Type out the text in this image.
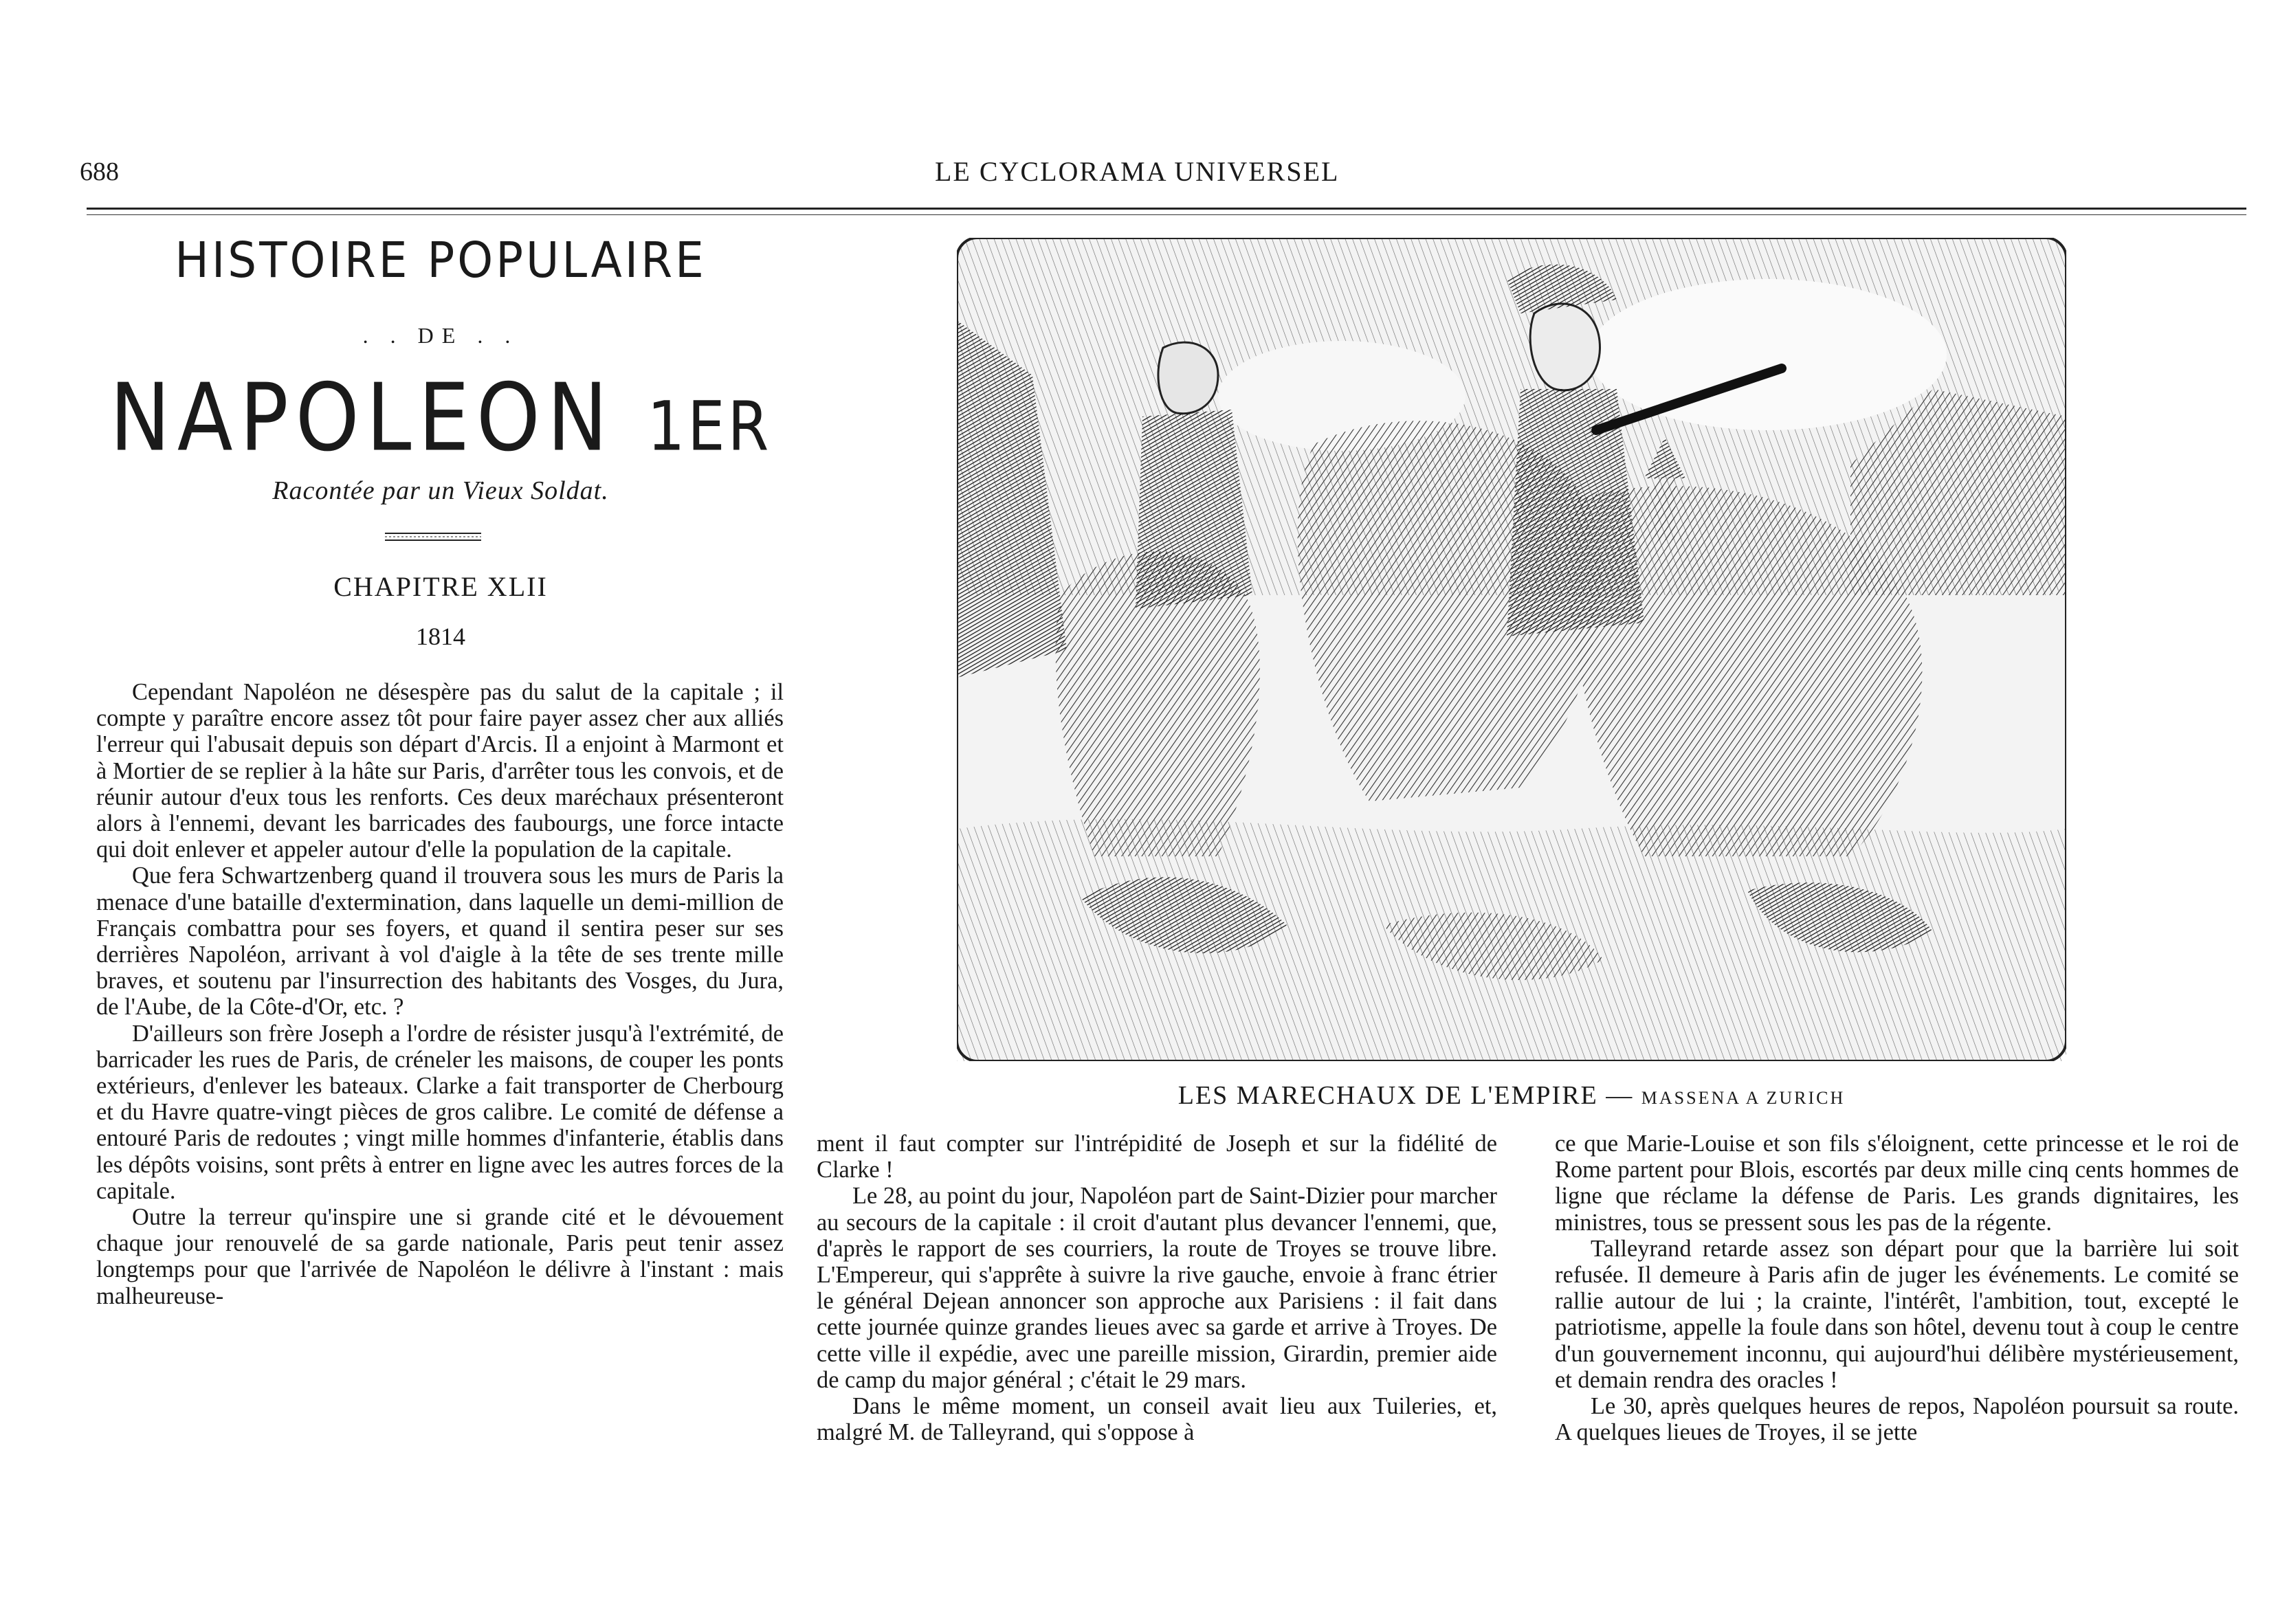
688	LE CYCLORAMA UNIVERSEL
HISTOIRE POPULAIRE
. . DE . .
NAPOLEON 1ER
Racontée par un Vieux Soldat.
CHAPITRE XLII
1814

Cependant Napoléon ne désespère pas du salut de la capitale ; il compte y paraître encore assez tôt pour faire payer assez cher aux alliés l'erreur qui l'abusait depuis son départ d'Arcis. Il a enjoint à Marmont et à Mortier de se replier à la hâte sur Paris, d'arrêter tous les convois, et de réunir autour d'eux tous les renforts. Ces deux maréchaux présenteront alors à l'ennemi, devant les barricades des faubourgs, une force intacte qui doit enlever et appeler autour d'elle la population de la capitale.

Que fera Schwartzenberg quand il trouvera sous les murs de Paris la menace d'une bataille d'extermination, dans laquelle un demi-million de Français combattra pour ses foyers, et quand il sentira peser sur ses derrières Napoléon, arrivant à vol d'aigle à la tête de ses trente mille braves, et soutenu par l'insurrection des habitants des Vosges, du Jura, de l'Aube, de la Côte-d'Or, etc. ?

D'ailleurs son frère Joseph a l'ordre de résister jusqu'à l'extrémité, de barricader les rues de Paris, de créneler les maisons, de couper les ponts extérieurs, d'enlever les bateaux. Clarke a fait transporter de Cherbourg et du Havre quatre-vingt pièces de gros calibre. Le comité de défense a entouré Paris de redoutes ; vingt mille hommes d'infanterie, établis dans les dépôts voisins, sont prêts à entrer en ligne avec les autres forces de la capitale.

Outre la terreur qu'inspire une si grande cité et le dévouement chaque jour renouvelé de sa garde nationale, Paris peut tenir assez longtemps pour que l'arrivée de Napoléon le délivre à l'instant : mais malheureuse-

LES MARECHAUX DE L'EMPIRE — MASSENA A ZURICH

ment il faut compter sur l'intrépidité de Joseph et sur la fidélité de Clarke !

Le 28, au point du jour, Napoléon part de Saint-Dizier pour marcher au secours de la capitale : il croit d'autant plus devancer l'ennemi, que, d'après le rapport de ses courriers, la route de Troyes se trouve libre. L'Empereur, qui s'apprête à suivre la rive gauche, envoie à franc étrier le général Dejean annoncer son approche aux Parisiens : il fait dans cette journée quinze grandes lieues avec sa garde et arrive à Troyes. De cette ville il expédie, avec une pareille mission, Girardin, premier aide de camp du major général ; c'était le 29 mars.

Dans le même moment, un conseil avait lieu aux Tuileries, et, malgré M. de Talleyrand, qui s'oppose à

ce que Marie-Louise et son fils s'éloignent, cette princesse et le roi de Rome partent pour Blois, escortés par deux mille cinq cents hommes de ligne que réclame la défense de Paris. Les grands dignitaires, les ministres, tous se pressent sous les pas de la régente.

Talleyrand retarde assez son départ pour que la barrière lui soit refusée. Il demeure à Paris afin de juger les événements. Le comité se rallie autour de lui ; la crainte, l'intérêt, l'ambition, tout, excepté le patriotisme, appelle la foule dans son hôtel, devenu tout à coup le centre d'un gouvernement inconnu, qui aujourd'hui délibère mystérieusement, et demain rendra des oracles !

Le 30, après quelques heures de repos, Napoléon poursuit sa route. A quelques lieues de Troyes, il se jette
